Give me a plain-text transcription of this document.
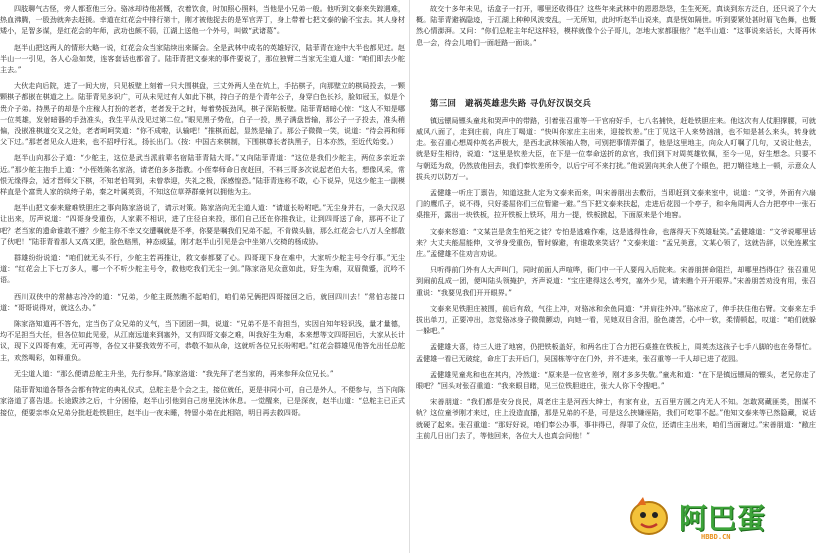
四肢聊气古怪，旁人都惹他三分。骆冰却待他甚慨，衣着饮食，时加照心照料，当他是小兄弟一般。他听到文泰来失踪遇难，热血沸腾，一股劲就奔去赶援。幸道在红花会中排行第十，刚才被他捉去的是军官弄丁，身上带着七把文泰的偷不宝去。其人身材矮小，足智多谋，是红花会的年师，武功也颇不弱，江湖上送他一个外号，叫做“武诸葛”。

赵半山把这两人的情形大略一说，红花会众当家陆续出来厮会。全是武林中成名的英雄好汉，陆菲青在途中大半也都见过。赵半山一一引见，各人心急如焚，连客套话也都省了。陆菲青把文泰来的事件要说了，那位独臂二当家无尘道人道：“咱们即去少舵主去。”

大伙走向后院，进了一间大房，只见板壁上刻着一只大围棋盘，三丈外两人坐在炕上，手拈棋子，向那壁立的棋局投去，一颗颗棋子都嵌在棋道之上。陆菲青见多识广，可从未见过有人如此下棋，持白子的是个青年公子，身穿白色长衫，脸如冠玉，似是个贵介子弟。持黑子的却是个庄稼人打扮的老者，老者发于之时，每着势扳劲风，棋子深陷板壁。陆菲青暗暗心惊：“这人不知是哪一位英雄，发射暗器的手劲准头，我生平从没见过第二位。”眼见黑子势危，白子一投，黑子满盘皆输，那公子一子投去，准头稍偏，没嵌准棋道交叉之处，老者呵呵笑道：“你不成啦，认输吧！”推棋而起，显然是输了。那公子微微一笑，说道：“待会再和师父下过。”那老者见众人进来，也不招呼行礼，扬长出门。（按：中国古来棋制，下围棋尊长者执黑子，日本亦然，至近代始变。）

赵半山向那公子道：“少舵主，这位是武当派前辈名宿陆菲青陆大哥。”又向陆菲青道：“这位是我们少舵主，两位多亲近亲近。”那少舵主抱手上道：“小侄姓陈名家洛，请老伯多多指教。小侄奉师命日夜赶回，不料三哥多次说起老伯大名，想像风采，常恨无缘得会，适才晋师父下棋，不知老伯驾到，未曾恭迎，失礼之极，深感惶恐。”陆菲青连称不敢，心下说异，见这少舵主一副模样直是个富贵人家的纨绔子弟，秦之叶属英资，不知这位草莽群豪何以拥他为主。

赵半山把文泰来避难铁胆庄之事向陈家洛说了，请示对策。陈家洛向无尘道人道：“请道长吩咐吧。”无尘身并右，一条大汉忍让出来，厉声说道：“四哥身受重伤，人家素不相识，进了庄径自来投，那们自己还在你推我让，让到四哥送了命，那再不让了吧？老当家的遗命谁敢不遵？少舵主你不幸又交遭嘱就是不孝，你要是嘱我们兄弟不起，不肯做头脑，那么红花会七八万人全都散了伙吧！”陆菲青看那人又高又肥，脸色赔黑，神态威猛，刚才赵半山引见是会中坐第八交椅的杨成协。

群雄纷纷说道：“咱们就无头不行，少舵主若再推让，救文泰都要了心。四哥现下身在难中，大家听少舵主号令行事。”无尘道：“红花会上下七万多人，哪一个不听少舵主号令，救他吃我们无尘一剑。”陈家洛见众意如此，好生为难，双眉微蹙，沉吟不语。

西川双侠中的常赫志冷冷的道：“兄弟，少舵主既然瞧不起咱们，咱们弟兄俩把四哥接回之后，就回四川去！”常伯志接口道：“哥哥说得对，就这么办。”

陈家洛知道再不答允，定当伤了众兄弟的义气，当下团团一揖，说道：“兄弟不是不肯担当，实因自知年轻识浅，量才量德，均不足担当大任，但各位如此见爱，从江南远道来到塞外，又有四哥文泰之难，叫我好生为难，本来想等文四哥回后，大家从长计议，现下义四哥有难，无可再等，各位又非要我效劳不可，恭敬不如从命，这就听各位兄长吩咐吧。”红花会群雄见他答允出任总舵主，欢然喝彩，如释重负。

无尘道人道：“那么便请总舵主升坐，先行参拜。”陈家洛道：“我先拜了老当家的，再来参拜众位兄长。”

陆菲青知道各帮各会都有特定的典礼仪式，总舵主是个会之主，接位就任，更是非同小可，自己是外人，不便参与，当下向陈家洛道了喜告退。长途跋涉之后，十分困倦，赵半山引他到自己房里洗沐休息。一觉醒来，已是深夜，赵半山道：“总舵主已正式接位，便要亲率众兄弟分批赶赴铁胆庄，赵半山一夜未睡，特留小弟在此相陪，明日再去救四哥。

故交十多年未见，话盒子一打开，哪里还收得住？这些年来武林中的恩恩怨怨，生生死死，真谈到东方泛白，还只说了个大概。陆菲青避祸隐迹，于江湖上种种风波变乱，一无所知，此时听赵半山说来，真是恍如隔世。听到要紧处甚时眉飞色舞，也慨然心情澎湃。又问：“你们总舵主年纪这样轻，模样就像个公子哥儿，怎地大家都服他？”赵半山道：“这事说来话长，大哥再休息一会，待会儿咱们一面赶路一面谈。”

第三回　避祸英雄悲失路 寻仇好汉误交兵

镇远镖局镖头童兆和哭声中的带路，引着张召重等一干官府好手，七八名捕快，赶赴铁胆庄来。他这次有人仗胆撑腰，可就威风八面了，走到庄前，向庄丁喝道：“快叫你家庄主出来，迎接钦差。”庄丁见这干人来势汹汹，也不知是甚么来头，转身就走。张召重心想周仲英名声极大，是西北武林领袖人物，可别把事情弄僵了，他是这里地主，向众人叮嘱了几句，又说让他去，就是好生相待，说道：“这里是钦差大臣，在下是一位奉命送折的京官，我们到下对周英雄钦佩，至今一见，好生想念。只要不与朝廷为敌，仍然放他回去，我们奉钦差所令，以后宁可不来打扰。”他说罢向其余人使了个眼色，把刀鞘往地上一顿，示意众人拔兵刃以防万一。

孟健雄一听庄丁禀告，知道这批人定为文泰来而来，叫宋善朋出去敷衍，当即赶到文泰来室中，说道：“文爷，外面有六扇门的鹰爪子，说不得，只好委屈你们三位暂避一避。”当下把文泰来扶起，走进后花园一个亭子，和伞角周两人合力把亭中一张石桌推开，露出一块铁板，拉开铁板上铁环，用力一提，铁板掀起，下面原来是个地窖。

文泰来怒道：“文某岂是贪生怕死之徒？专怕是逃难作难，这是逃得性命，也落得天下英雄耻笑。”孟健雄道：“文爷说哪里话来？大丈夫能屈能伸，文爷身受重伤，暂时躲避，有谁敢来笑话？”文泰来道：“孟兄美意，文某心领了，这就告辞，以免连累宝庄。”孟健雄不住劝言劝说。

只听得前门外有人大声叫门，同时前面人声喧哗，衙门中一干人要闯入后院来。宋善朋拼命阻拦，却哪里挡得住？张召重见到闹前乱成一团，便叫陆头领掩护，齐声说道：“宝庄建得这么考究，塞外少见，请来瞧个开开眼界。”宋善朋苦劝没有用，张召重说：“我要见我们开开眼界。”

文泰来见铁胆庄被围，前后有敌，气往上冲，对骆冰和余鱼同道：“并肩往外冲。”骆冰应了，伸手扶住他右臂。文泰来左手拔出单刀，正要冲出，忽觉骆冰身子微微颤动，向她一看，见她双目含泪，脸色凄苦，心中一软，柔情顿起，叹道：“咱们就躲一躲吧。”

孟健雄大喜，待三人进了地窖，仍把铁板盖好，和两名庄丁合力把石桌推在铁板上，周英杰这孩子七手八脚的也在务帮忙。孟健雄一看已无破绽，命庄丁去开后门，吴国栋等守在门外，并不进来，张召重等一千人却已进了花园。

孟健雄见童兆和也在其内，冷然道：“原来是一位官差爷，刚才多多失敬。”童兆和道：“在下是镇远镖局的镖头，老兄你走了眼吧？”回头对张召重道：“我来眼目睹，见三位铁胆进庄，张大人你下令搜吧。”

宋善朋道：“我们都是安分良民，周老庄主是河西大绅士，有家有业，五百里方圆之内无人不知。怎敢窝藏匪类，图谋不轨？这位童爷刚才来过，庄上没造直播，那是兄弟的不是，可是这么挟嫌诬陷，我们可吃罪不起。”他知文泰来等已然隐藏，说话就硬了起来。张召重道：“那好好说，咱们奉公办事，事非得已，得罪了众位，还请庄主出来，咱们当面谢过。”宋善朋道：“敝庄主前几日出门去了，等他回来，各位大人也真会问他！”

阿巴蛋
HBBD.CN
